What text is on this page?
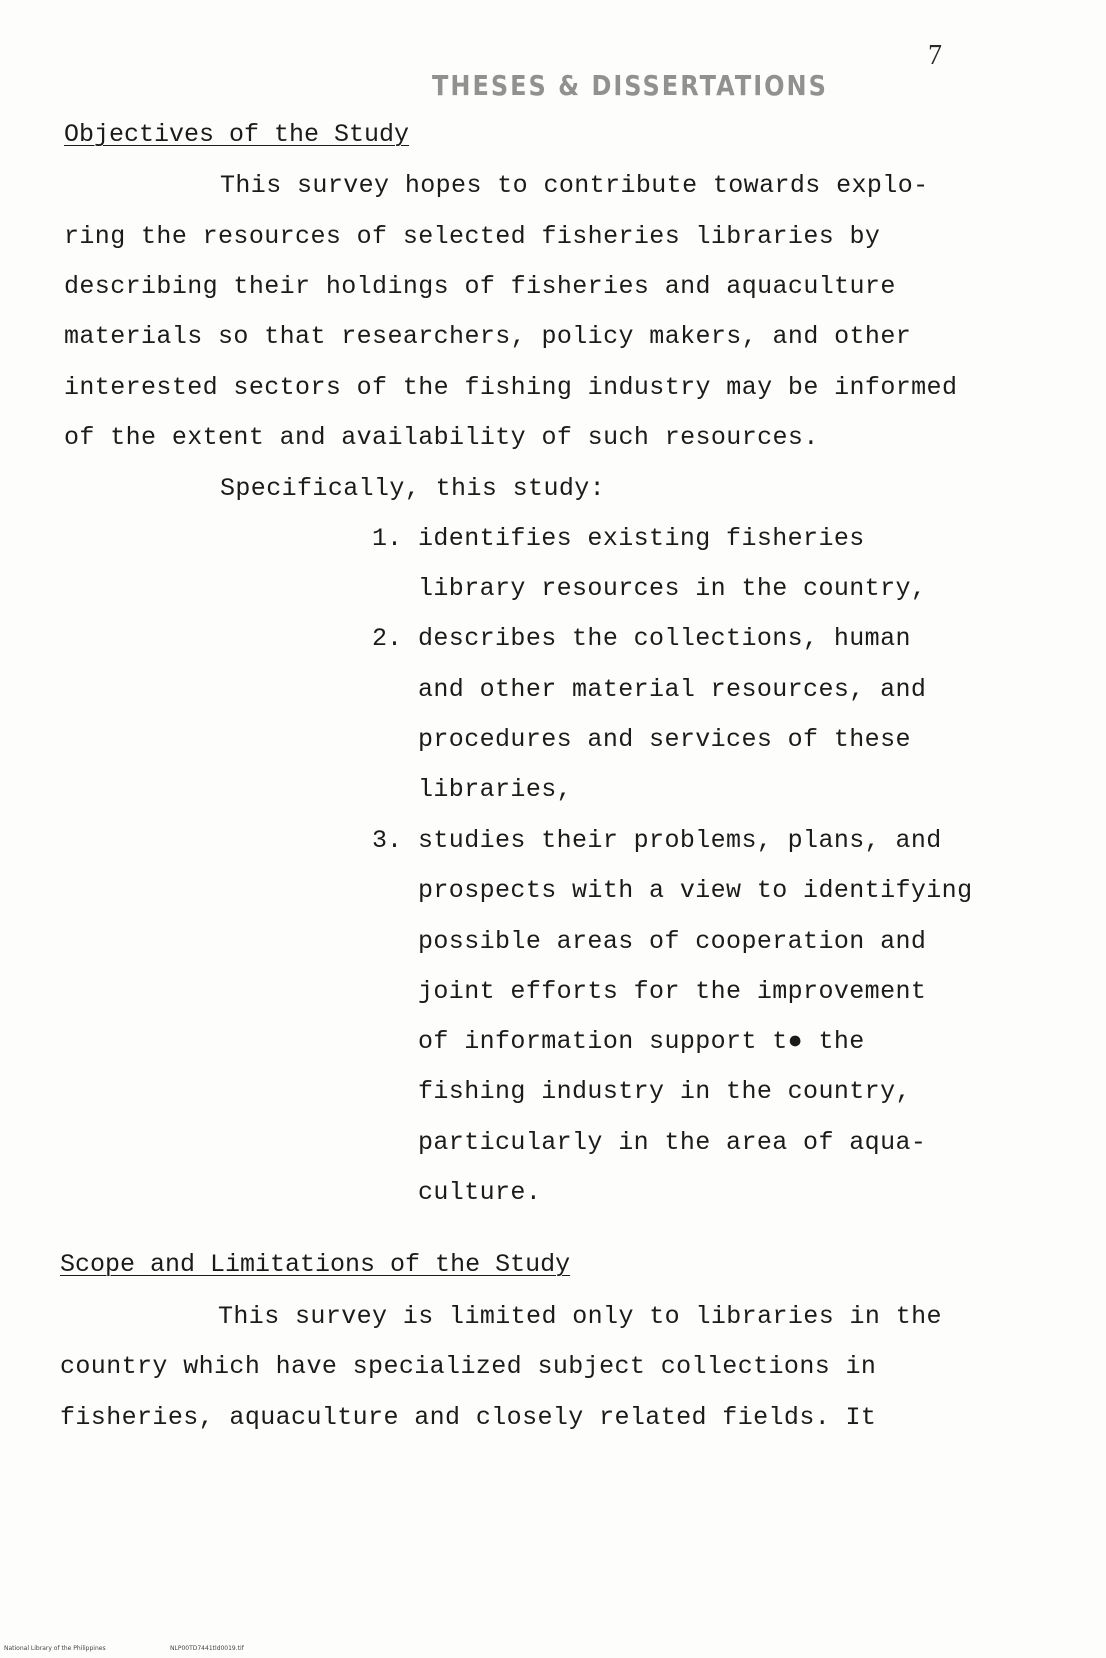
7
THESES & DISSERTATIONS
Objectives of the Study
This survey hopes to contribute towards explo-
ring the resources of selected fisheries libraries by
describing their holdings of fisheries and aquaculture
materials so that researchers, policy makers, and other
interested sectors of the fishing industry may be informed
of the extent and availability of such resources.
Specifically, this study:
1. identifies existing fisheries
library resources in the country,
2. describes the collections, human
and other material resources, and
procedures and services of these
libraries,
3. studies their problems, plans, and
prospects with a view to identifying
possible areas of cooperation and
joint efforts for the improvement
of information support t● the
fishing industry in the country,
particularly in the area of aqua-
culture.
Scope and Limitations of the Study
This survey is limited only to libraries in the
country which have specialized subject collections in
fisheries, aquaculture and closely related fields. It
National Library of the Philippines	NLP00TD7441tld0019.tif
